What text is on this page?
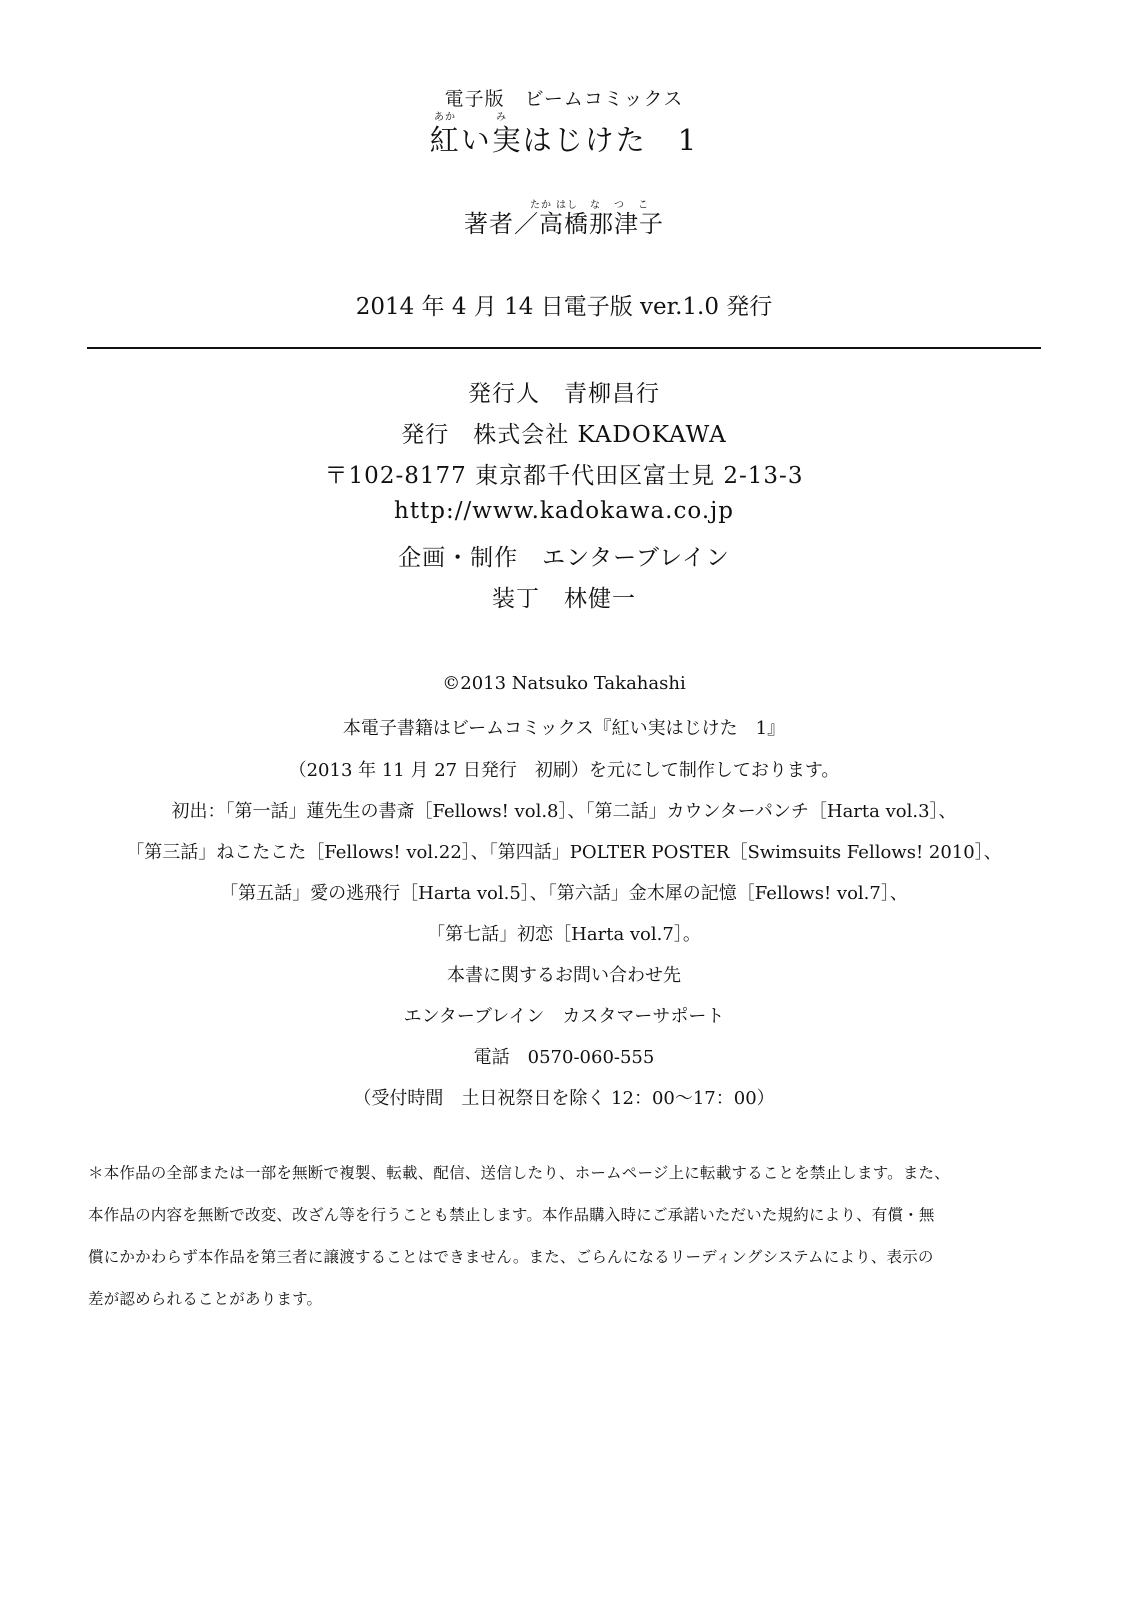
電子版　ビームコミックス
あか	み
紅い実はじけた　1
たか はし な つ こ
著者／高橋那津子
2014 年 4 月 14 日電子版 ver.1.0 発行
発行人　青柳昌行
発行　株式会社 KADOKAWA
〒102-8177 東京都千代田区富士見 2-13-3
http://www.kadokawa.co.jp
企画・制作　エンターブレイン
装丁　林健一
©2013 Natsuko Takahashi
本電子書籍はビームコミックス『紅い実はじけた　1』
（2013 年 11 月 27 日発行　初刷）を元にして制作しております。
初出：「第一話」蓮先生の書斎［Fellows! vol.8］、「第二話」カウンターパンチ［Harta vol.3］、
「第三話」ねこたこた［Fellows! vol.22］、「第四話」POLTER POSTER［Swimsuits Fellows! 2010］、
「第五話」愛の逃飛行［Harta vol.5］、「第六話」金木犀の記憶［Fellows! vol.7］、
「第七話」初恋［Harta vol.7］。
本書に関するお問い合わせ先
エンターブレイン　カスタマーサポート
電話　0570-060-555
（受付時間　土日祝祭日を除く 12：00～17：00）
＊本作品の全部または一部を無断で複製、転載、配信、送信したり、ホームページ上に転載することを禁止します。また、
本作品の内容を無断で改変、改ざん等を行うことも禁止します。本作品購入時にご承諾いただいた規約により、有償・無
償にかかわらず本作品を第三者に譲渡することはできません。また、ごらんになるリーディングシステムにより、表示の
差が認められることがあります。
